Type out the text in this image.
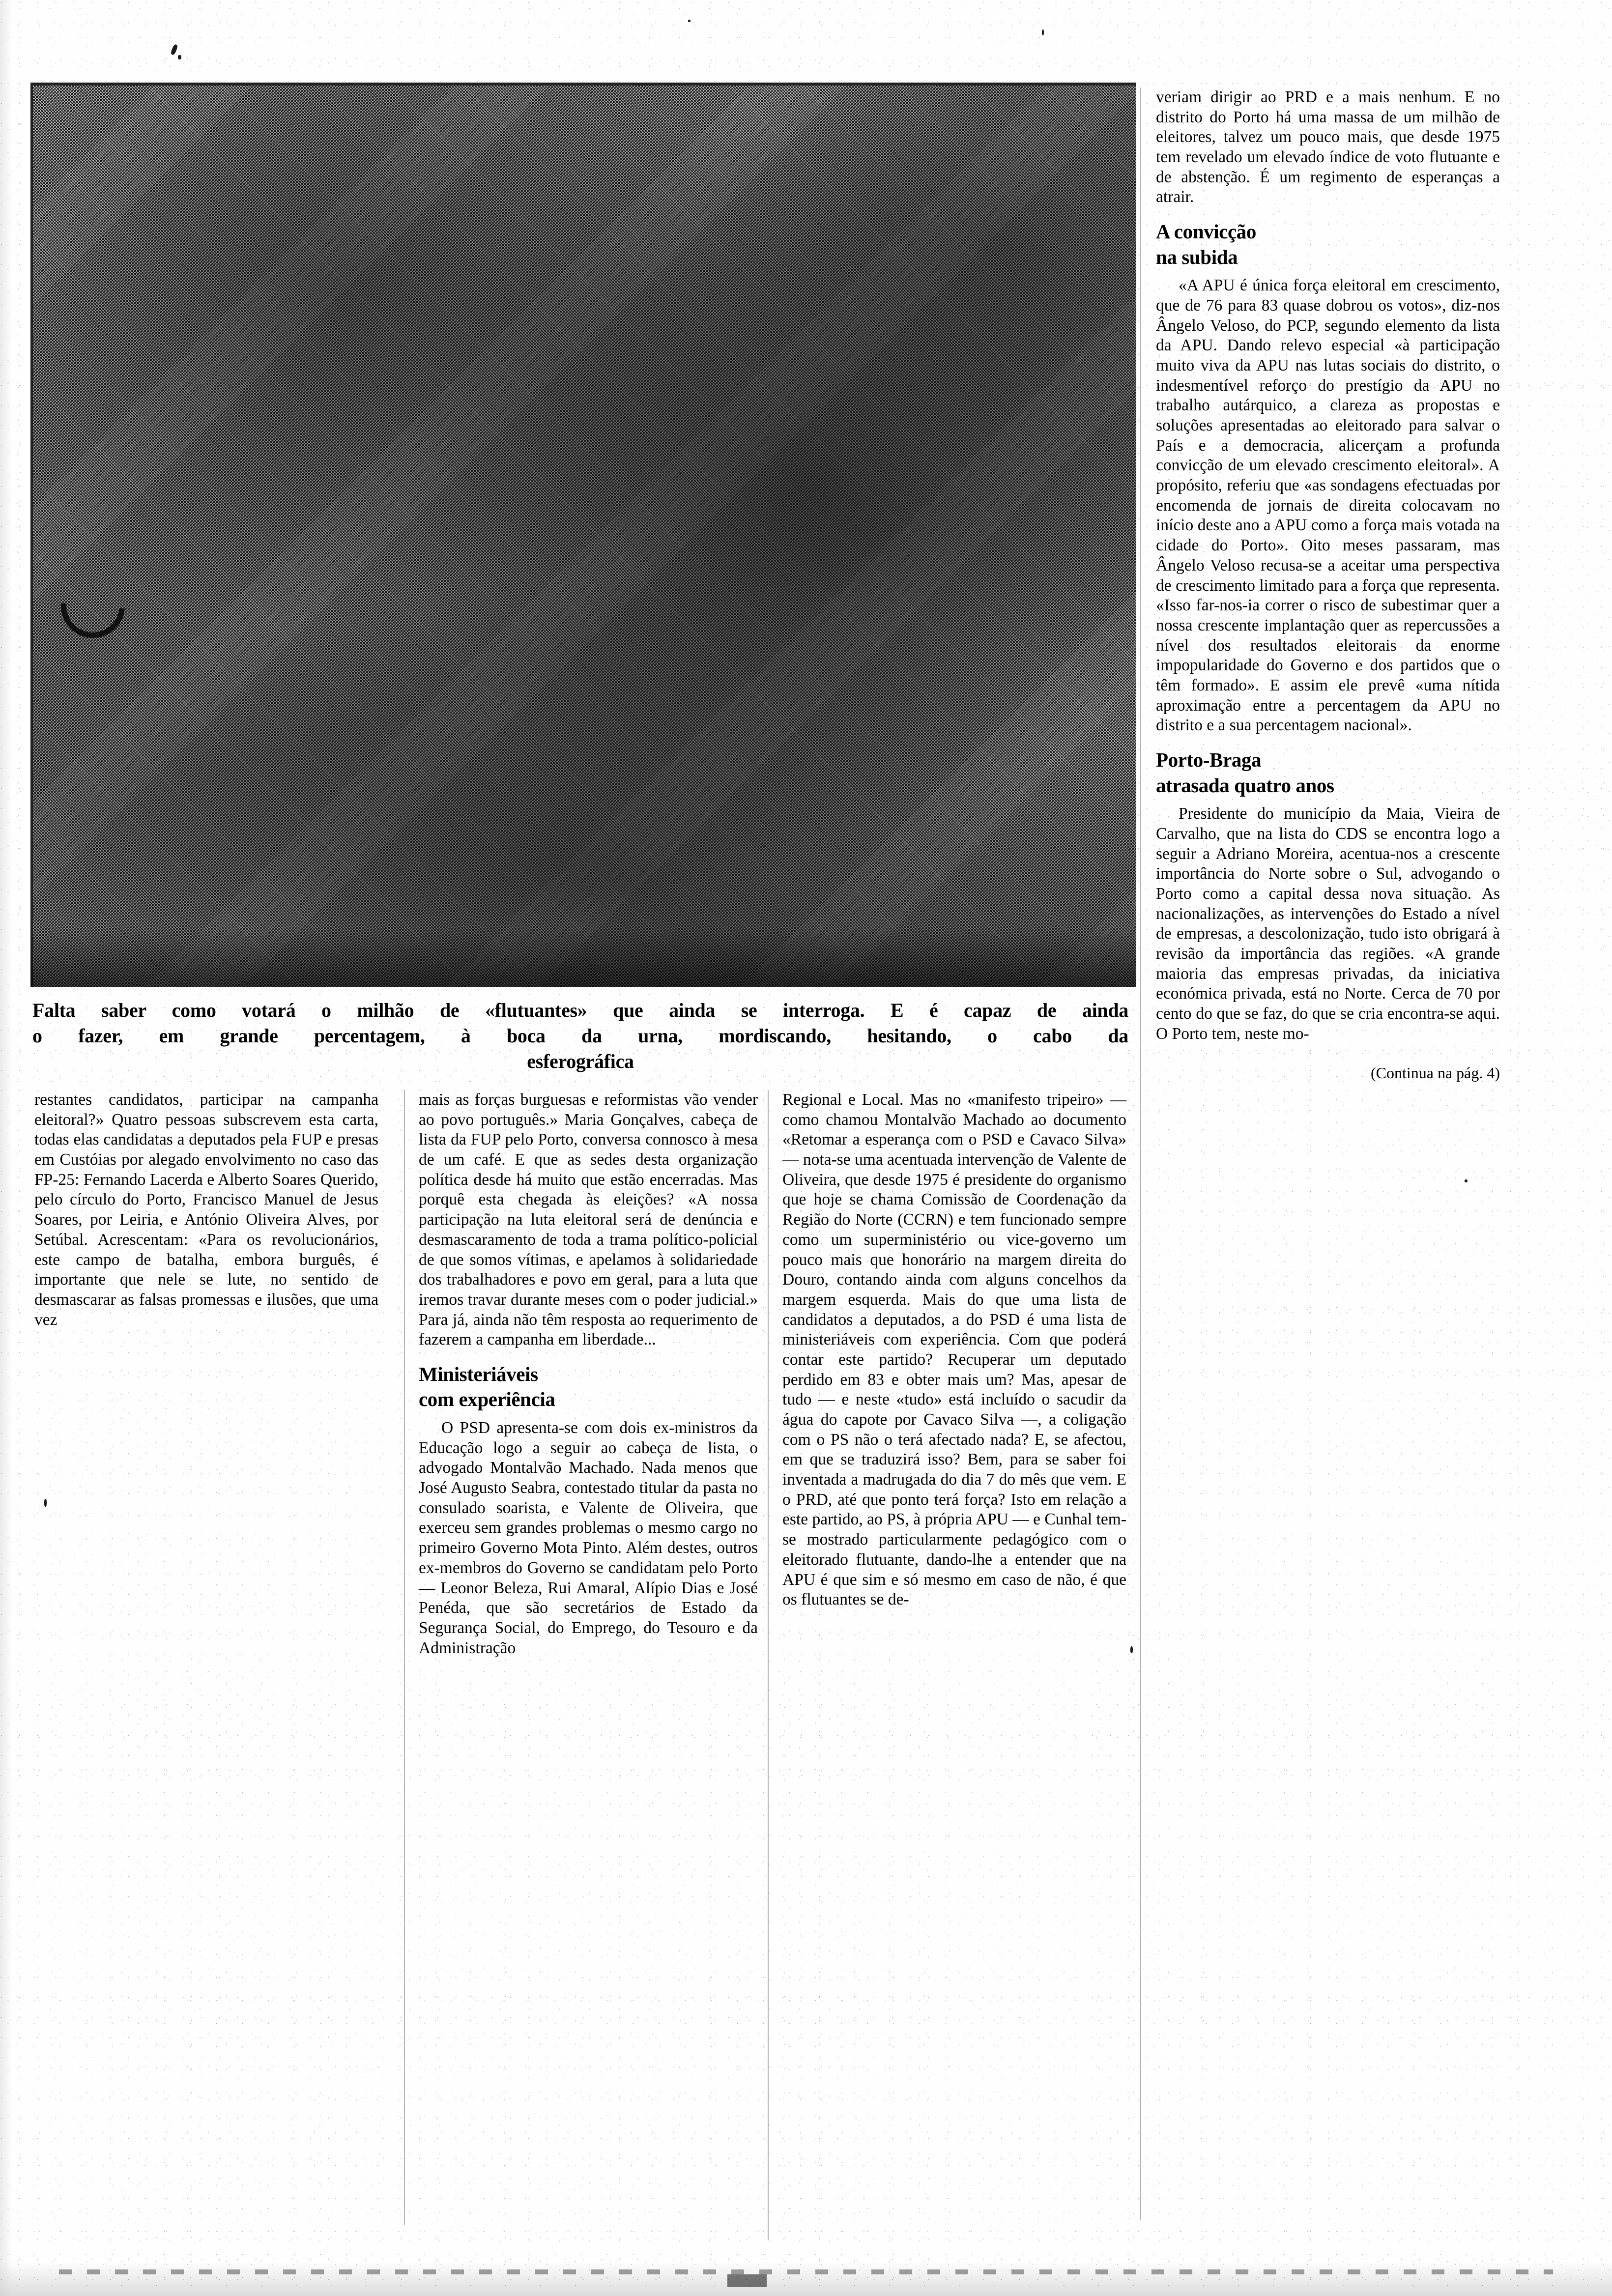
Falta saber como votará o milhão de «flutuantes» que ainda se interroga. E é capaz de ainda
o fazer, em grande percentagem, à boca da urna, mordiscando, hesitando, o cabo da
esferográfica

restantes candidatos, participar na campanha eleitoral?» Quatro pessoas subscrevem esta carta, todas elas candidatas a deputados pela FUP e presas em Custóias por alegado envolvimento no caso das FP-25: Fernando Lacerda e Alberto Soares Querido, pelo círculo do Porto, Francisco Manuel de Jesus Soares, por Leiria, e António Oliveira Alves, por Setúbal. Acrescentam: «Para os revolucionários, este campo de batalha, embora burguês, é importante que nele se lute, no sentido de desmascarar as falsas promessas e ilusões, que uma vez

mais as forças burguesas e reformistas vão vender ao povo português.» Maria Gonçalves, cabeça de lista da FUP pelo Porto, conversa connosco à mesa de um café. E que as sedes desta organização política desde há muito que estão encerradas. Mas porquê esta chegada às eleições? «A nossa participação na luta eleitoral será de denúncia e desmascaramento de toda a trama político-policial de que somos vítimas, e apelamos à solidariedade dos trabalhadores e povo em geral, para a luta que iremos travar durante meses com o poder judicial.» Para já, ainda não têm resposta ao requerimento de fazerem a campanha em liberdade...

Ministeriáveis

com experiência

O PSD apresenta-se com dois ex-ministros da Educação logo a seguir ao cabeça de lista, o advogado Montalvão Machado. Nada menos que José Augusto Seabra, contestado titular da pasta no consulado soarista, e Valente de Oliveira, que exerceu sem grandes problemas o mesmo cargo no primeiro Governo Mota Pinto. Além destes, outros ex-membros do Governo se candidatam pelo Porto — Leonor Beleza, Rui Amaral, Alípio Dias e José Penéda, que são secretários de Estado da Segurança Social, do Emprego, do Tesouro e da Administração

Regional e Local. Mas no «manifesto tripeiro» — como chamou Montalvão Machado ao documento «Retomar a esperança com o PSD e Cavaco Silva» — nota-se uma acentuada intervenção de Valente de Oliveira, que desde 1975 é presidente do organismo que hoje se chama Comissão de Coordenação da Região do Norte (CCRN) e tem funcionado sempre como um superministério ou vice-governo um pouco mais que honorário na margem direita do Douro, contando ainda com alguns concelhos da margem esquerda. Mais do que uma lista de candidatos a deputados, a do PSD é uma lista de ministeriáveis com experiência. Com que poderá contar este partido? Recuperar um deputado perdido em 83 e obter mais um? Mas, apesar de tudo — e neste «tudo» está incluído o sacudir da água do capote por Cavaco Silva —, a coligação com o PS não o terá afectado nada? E, se afectou, em que se traduzirá isso? Bem, para se saber foi inventada a madrugada do dia 7 do mês que vem. E o PRD, até que ponto terá força? Isto em relação a este partido, ao PS, à própria APU — e Cunhal tem-se mostrado particularmente pedagógico com o eleitorado flutuante, dando-lhe a entender que na APU é que sim e só mesmo em caso de não, é que os flutuantes se de-

veriam dirigir ao PRD e a mais nenhum. E no distrito do Porto há uma massa de um milhão de eleitores, talvez um pouco mais, que desde 1975 tem revelado um elevado índice de voto flutuante e de abstenção. É um regimento de esperanças a atrair.

A convicção

na subida

«A APU é única força eleitoral em crescimento, que de 76 para 83 quase dobrou os votos», diz-nos Ângelo Veloso, do PCP, segundo elemento da lista da APU. Dando relevo especial «à participação muito viva da APU nas lutas sociais do distrito, o indesmentível reforço do prestígio da APU no trabalho autárquico, a clareza as propostas e soluções apresentadas ao eleitorado para salvar o País e a democracia, alicerçam a profunda convicção de um elevado crescimento eleitoral». A propósito, referiu que «as sondagens efectuadas por encomenda de jornais de direita colocavam no início deste ano a APU como a força mais votada na cidade do Porto». Oito meses passaram, mas Ângelo Veloso recusa-se a aceitar uma perspectiva de crescimento limitado para a força que representa. «Isso far-nos-ia correr o risco de subestimar quer a nossa crescente implantação quer as repercussões a nível dos resultados eleitorais da enorme impopularidade do Governo e dos partidos que o têm formado». E assim ele prevê «uma nítida aproximação entre a percentagem da APU no distrito e a sua percentagem nacional».

Porto-Braga

atrasada quatro anos

Presidente do município da Maia, Vieira de Carvalho, que na lista do CDS se encontra logo a seguir a Adriano Moreira, acentua-nos a crescente importância do Norte sobre o Sul, advogando o Porto como a capital dessa nova situação. As nacionalizações, as intervenções do Estado a nível de empresas, a descolonização, tudo isto obrigará à revisão da importância das regiões. «A grande maioria das empresas privadas, da iniciativa económica privada, está no Norte. Cerca de 70 por cento do que se faz, do que se cria encontra-se aqui. O Porto tem, neste mo-

(Continua na pág. 4)
